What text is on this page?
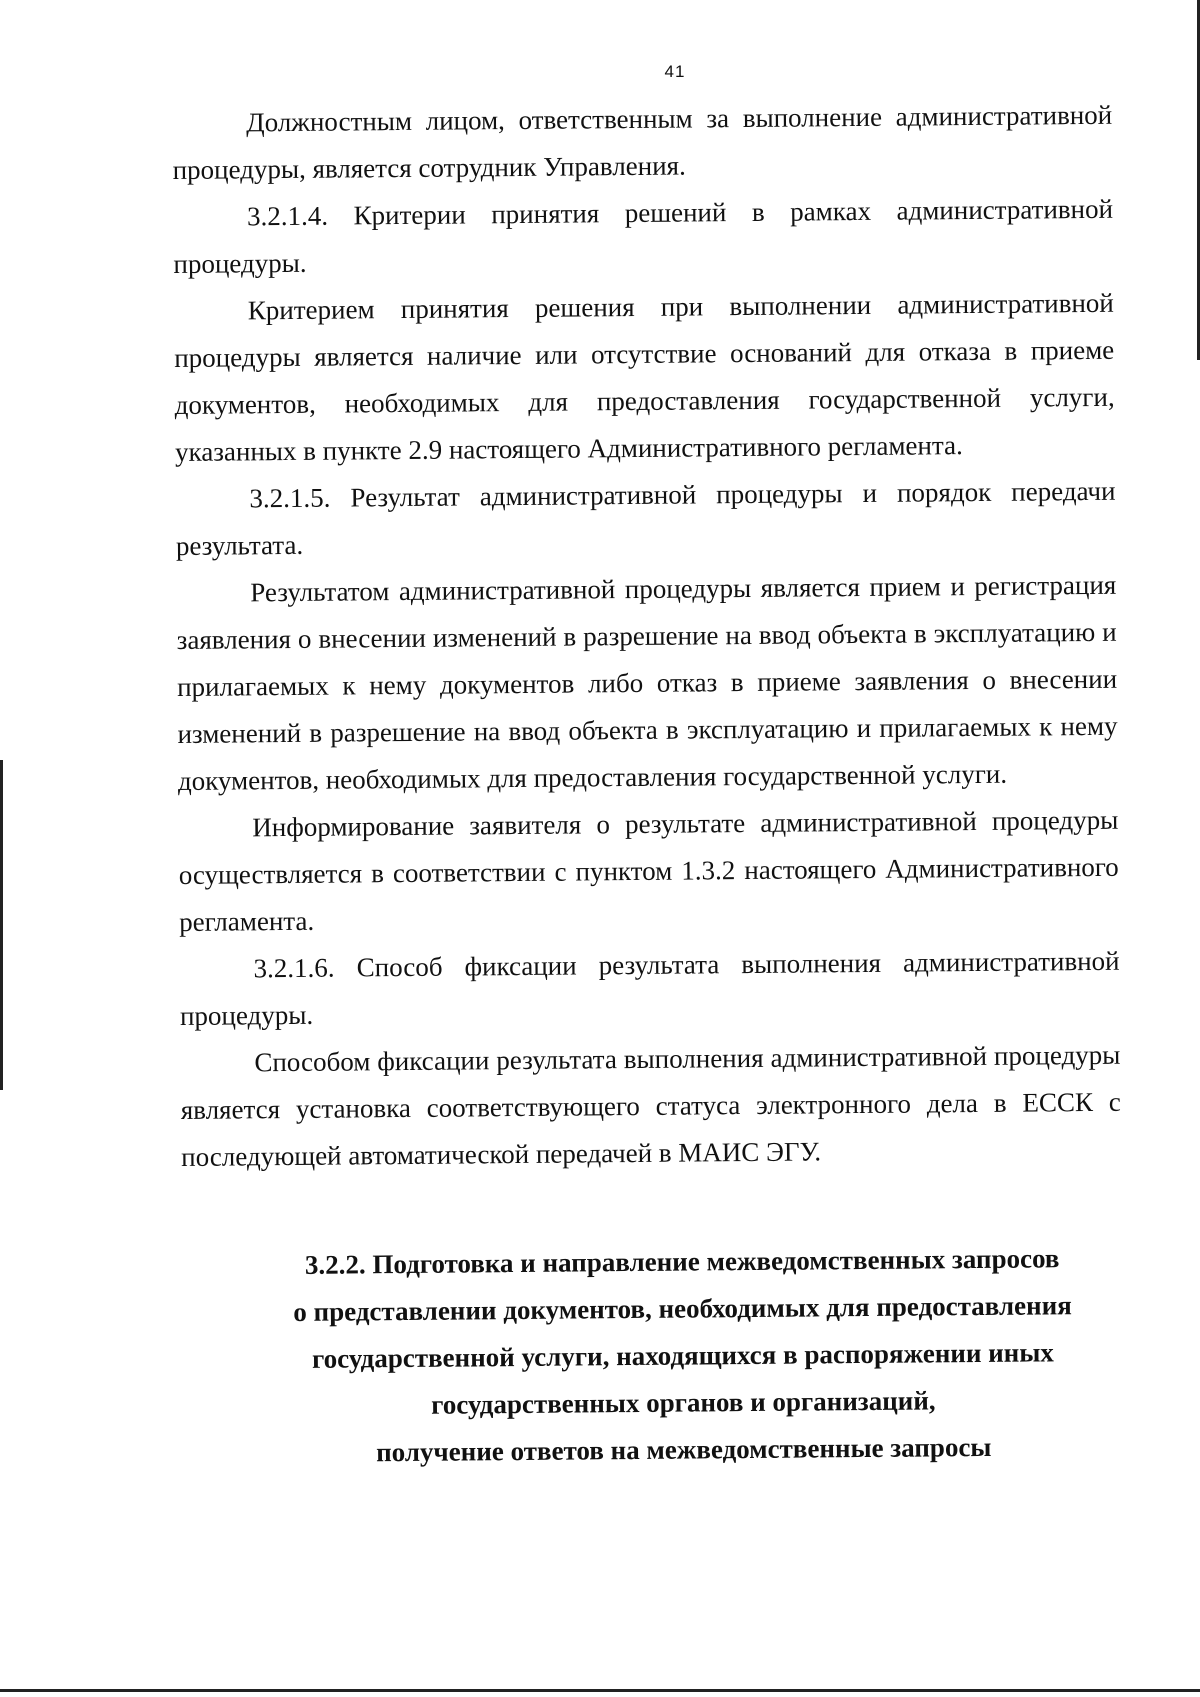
41

Должностным лицом, ответственным за выполнение административной процедуры, является сотрудник Управления.

3.2.1.4. Критерии принятия решений в рамках административной процедуры.

Критерием принятия решения при выполнении административной процедуры является наличие или отсутствие оснований для отказа в приеме документов, необходимых для предоставления государственной услуги, указанных в пункте 2.9 настоящего Административного регламента.

3.2.1.5. Результат административной процедуры и порядок передачи результата.

Результатом административной процедуры является прием и регистрация заявления о внесении изменений в разрешение на ввод объекта в эксплуатацию и прилагаемых к нему документов либо отказ в приеме заявления о внесении изменений в разрешение на ввод объекта в эксплуатацию и прилагаемых к нему документов, необходимых для предоставления государственной услуги.

Информирование заявителя о результате административной процедуры осуществляется в соответствии с пунктом 1.3.2 настоящего Административного регламента.

3.2.1.6. Способ фиксации результата выполнения административной процедуры.

Способом фиксации результата выполнения административной процедуры является установка соответствующего статуса электронного дела в ЕССК с последующей автоматической передачей в МАИС ЭГУ.

3.2.2. Подготовка и направление межведомственных запросов
о представлении документов, необходимых для предоставления
государственной услуги, находящихся в распоряжении иных
государственных органов и организаций,
получение ответов на межведомственные запросы
